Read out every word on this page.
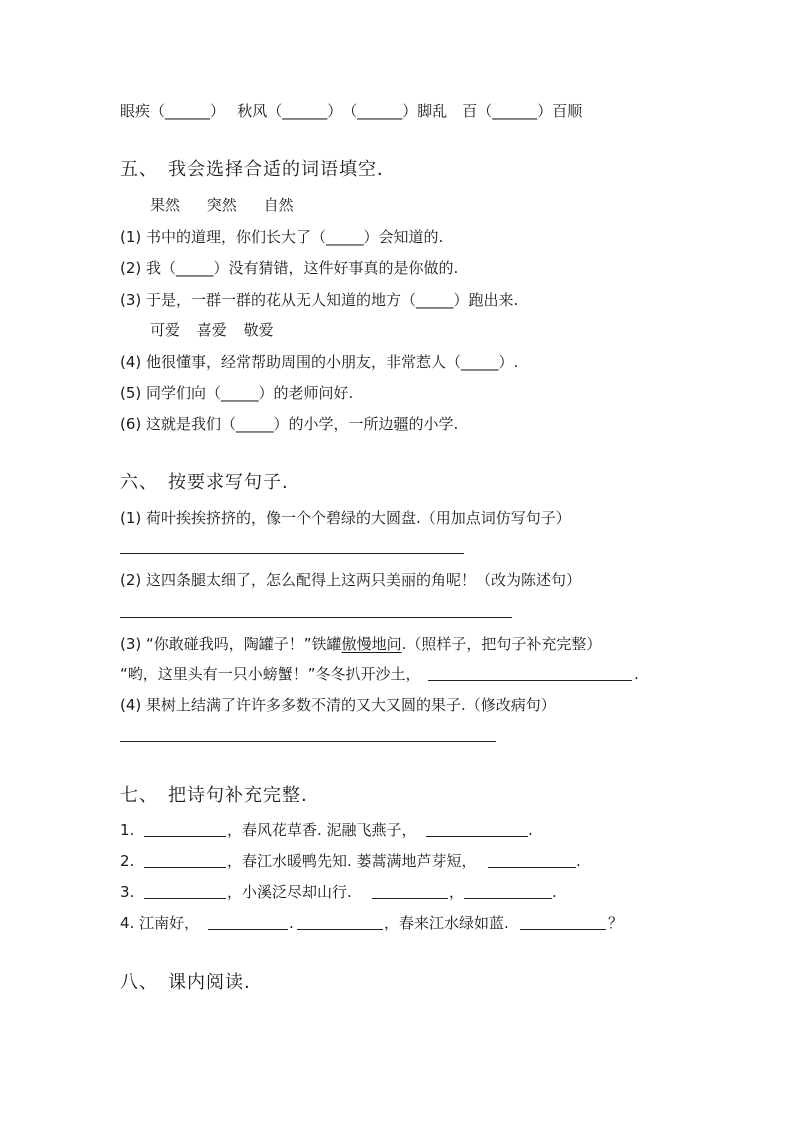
眼疾（______）　 秋风（______）　（______）脚乱　百（______）百顺
五、　我会选择合适的词语填空．
果然 突然 自然
(1) 书中的道理，你们长大了（_____）会知道的.
(2) 我（_____）没有猜错，这件好事真的是你做的.
(3) 于是，一群一群的花从无人知道的地方（_____）跑出来.
可爱 喜爱 敬爱
(4) 他很懂事，经常帮助周围的小朋友，非常惹人（_____）.
(5) 同学们向（_____）的老师问好.
(6) 这就是我们（_____）的小学，一所边疆的小学.
六、　按要求写句子.
(1) 荷叶挨挨挤挤的，像一个个碧绿的大圆盘.（用加点词仿写句子）
(2) 这四条腿太细了，怎么配得上这两只美丽的角呢！（改为陈述句）
(3) “你敢碰我吗，陶罐子！”铁罐傲慢地问.（照样子，把句子补充完整）
“哟，这里头有一只小螃蟹！”冬冬扒开沙土，	.
(4) 果树上结满了许许多多数不清的又大又圆的果子.（修改病句）
七、　把诗句补充完整.
1.	，春风花草香. 泥融飞燕子，	.
2.	，春江水暖鸭先知. 蒌蒿满地芦芽短，	.
3.	，小溪泛尽却山行.	，	.
4. 江南好，	.	，春来江水绿如蓝.	？
八、　课内阅读.
